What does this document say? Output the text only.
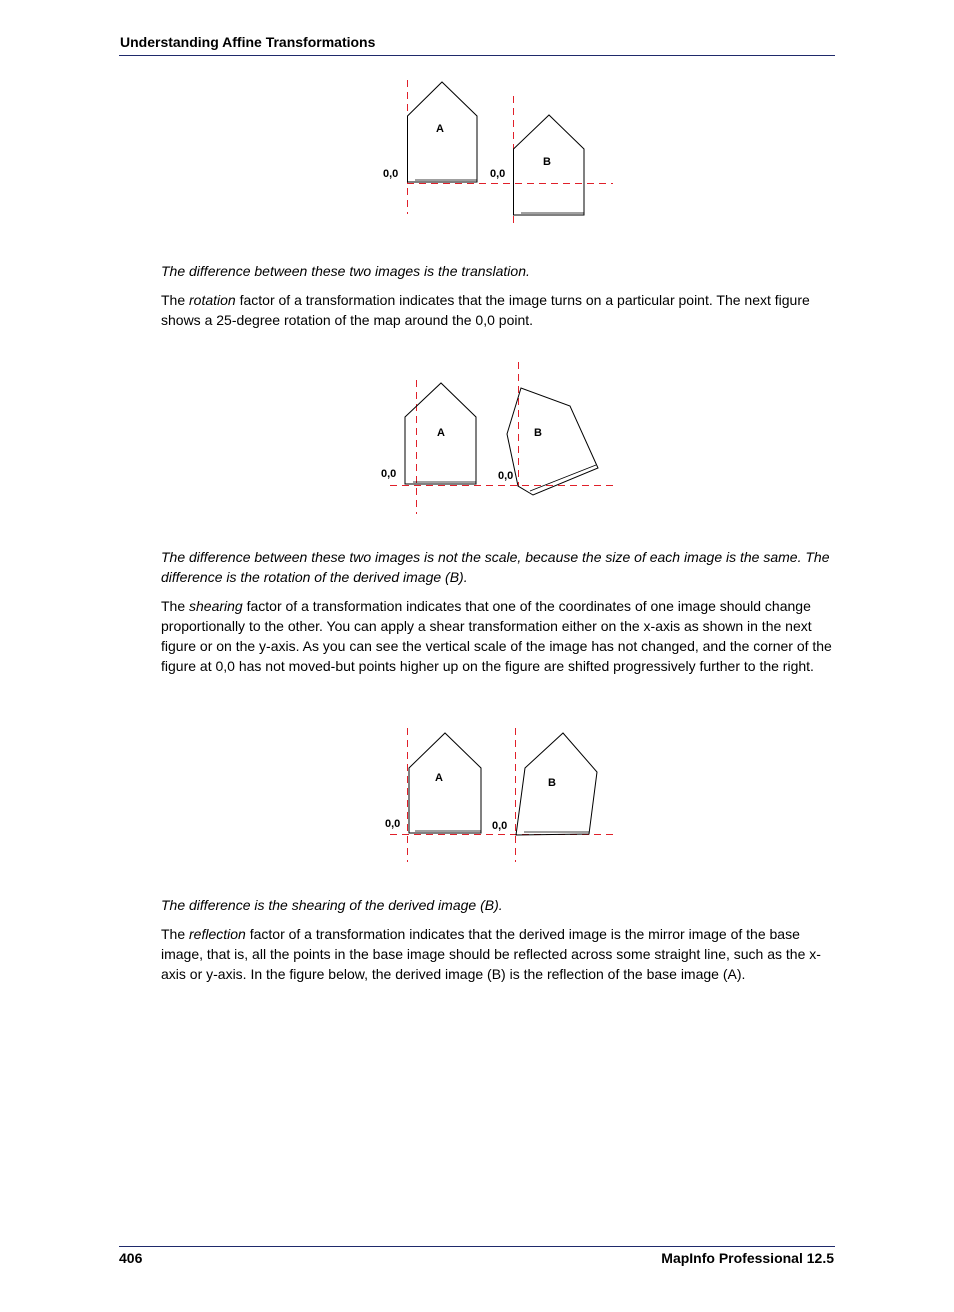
Understanding Affine Transformations
A
B
0,0	0,0

The difference between these two images is the translation.

The rotation factor of a transformation indicates that the image turns on a particular point. The next figure shows a 25-degree rotation of the map around the 0,0 point.

A	B
0,0	0,0

The difference between these two images is not the scale, because the size of each image is the same. The difference is the rotation of the derived image (B).

The shearing factor of a transformation indicates that one of the coordinates of one image should change proportionally to the other. You can apply a shear transformation either on the x-axis as shown in the next figure or on the y-axis. As you can see the vertical scale of the image has not changed, and the corner of the figure at 0,0 has not moved-but points higher up on the figure are shifted progressively further to the right.

A	B
0,0	0,0

The difference is the shearing of the derived image (B).

The reflection factor of a transformation indicates that the derived image is the mirror image of the base image, that is, all the points in the base image should be reflected across some straight line, such as the x-axis or y-axis. In the figure below, the derived image (B) is the reflection of the base image (A).

406	MapInfo Professional 12.5
